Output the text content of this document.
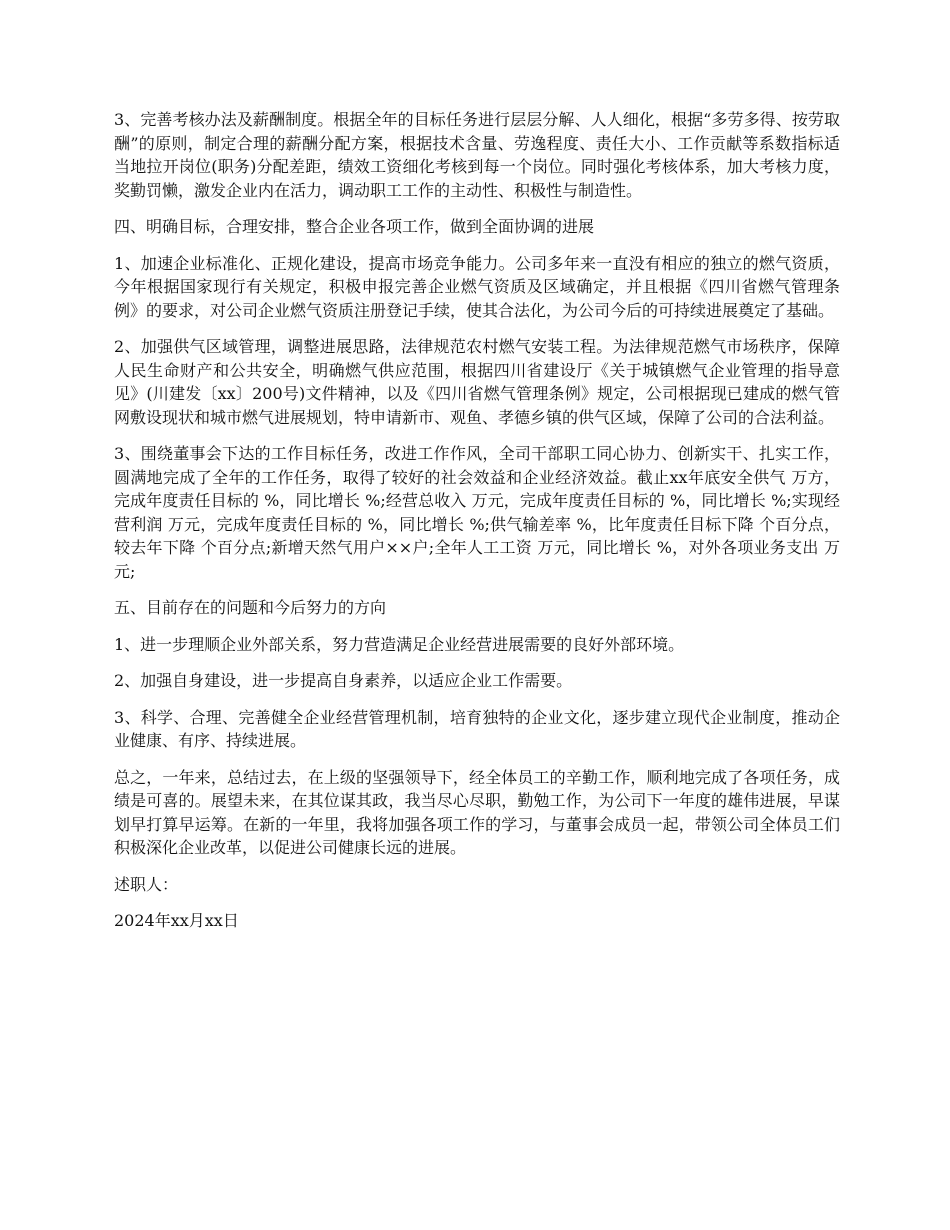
3、完善考核办法及薪酬制度。根据全年的目标任务进行层层分解、人人细化，根据“多劳多得、按劳取酬”的原则，制定合理的薪酬分配方案，根据技术含量、劳逸程度、责任大小、工作贡献等系数指标适当地拉开岗位(职务)分配差距，绩效工资细化考核到每一个岗位。同时强化考核体系，加大考核力度，奖勤罚懒，激发企业内在活力，调动职工工作的主动性、积极性与制造性。

四、明确目标，合理安排，整合企业各项工作，做到全面协调的进展

1、加速企业标准化、正规化建设，提高市场竞争能力。公司多年来一直没有相应的独立的燃气资质，今年根据国家现行有关规定，积极申报完善企业燃气资质及区域确定，并且根据《四川省燃气管理条例》的要求，对公司企业燃气资质注册登记手续，使其合法化，为公司今后的可持续进展奠定了基础。

2、加强供气区域管理，调整进展思路，法律规范农村燃气安装工程。为法律规范燃气市场秩序，保障人民生命财产和公共安全，明确燃气供应范围，根据四川省建设厅《关于城镇燃气企业管理的指导意见》(川建发〔xx〕200号)文件精神，以及《四川省燃气管理条例》规定，公司根据现已建成的燃气管网敷设现状和城市燃气进展规划，特申请新市、观鱼、孝德乡镇的供气区域，保障了公司的合法利益。

3、围绕董事会下达的工作目标任务，改进工作作风，全司干部职工同心协力、创新实干、扎实工作，圆满地完成了全年的工作任务，取得了较好的社会效益和企业经济效益。截止xx年底安全供气 万方，完成年度责任目标的 %，同比增长 %;经营总收入 万元，完成年度责任目标的 %，同比增长 %;实现经营利润 万元，完成年度责任目标的 %，同比增长 %;供气输差率 %，比年度责任目标下降 个百分点，较去年下降 个百分点;新增天然气用户××户;全年人工工资 万元，同比增长 %，对外各项业务支出 万元;

五、目前存在的问题和今后努力的方向

1、进一步理顺企业外部关系，努力营造满足企业经营进展需要的良好外部环境。

2、加强自身建设，进一步提高自身素养，以适应企业工作需要。

3、科学、合理、完善健全企业经营管理机制，培育独特的企业文化，逐步建立现代企业制度，推动企业健康、有序、持续进展。

总之，一年来，总结过去，在上级的坚强领导下，经全体员工的辛勤工作，顺利地完成了各项任务，成绩是可喜的。展望未来，在其位谋其政，我当尽心尽职，勤勉工作，为公司下一年度的雄伟进展，早谋划早打算早运筹。在新的一年里，我将加强各项工作的学习，与董事会成员一起，带领公司全体员工们积极深化企业改革，以促进公司健康长远的进展。

述职人：

2024年xx月xx日
